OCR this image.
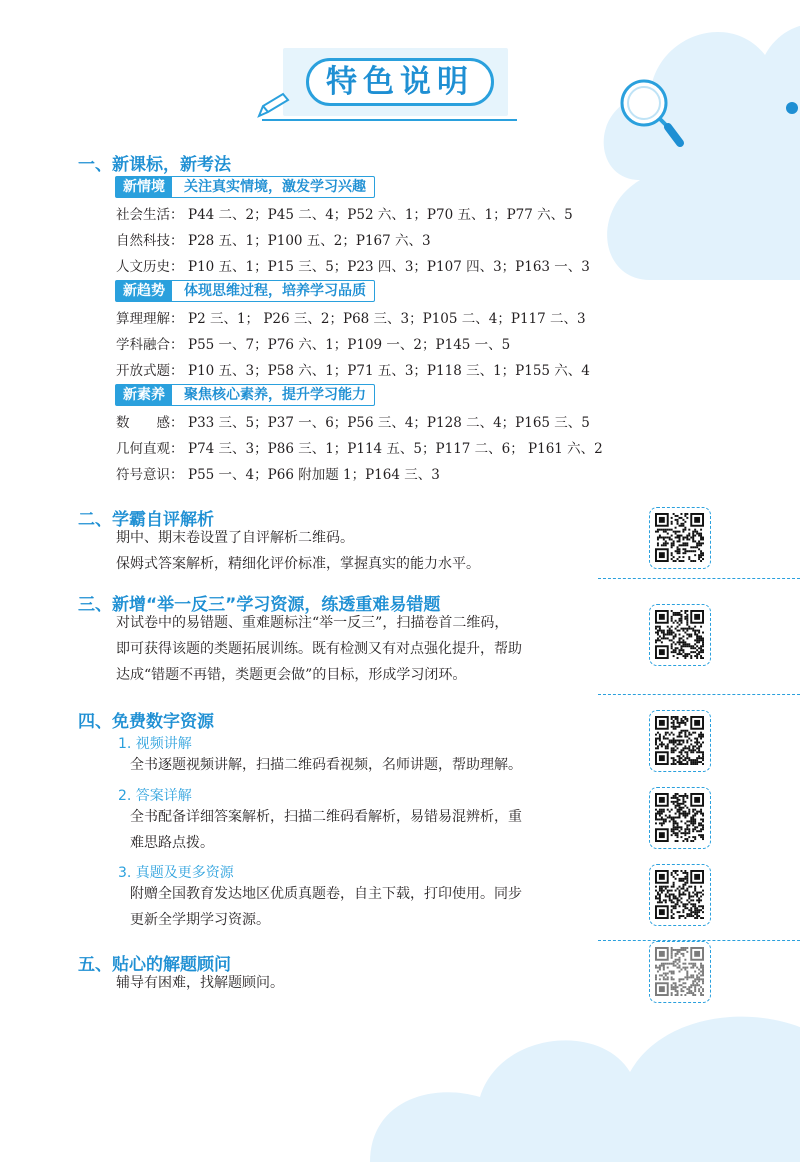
特色说明
一、新课标，新考法
新情境 关注真实情境，激发学习兴趣
社会生活： P44 二、2；P45 二、4；P52 六、1；P70 五、1；P77 六、5
自然科技： P28 五、1；P100 五、2；P167 六、3
人文历史： P10 五、1；P15 三、5；P23 四、3；P107 四、3；P163 一、3
新趋势 体现思维过程，培养学习品质
算理理解： P2 三、1； P26 三、2；P68 三、3；P105 二、4；P117 二、3
学科融合： P55 一、7；P76 六、1；P109 一、2；P145 一、5
开放式题： P10 五、3；P58 六、1；P71 五、3；P118 三、1；P155 六、4
新素养 聚焦核心素养，提升学习能力
数　　感： P33 三、5；P37 一、6；P56 三、4；P128 二、4；P165 三、5
几何直观： P74 三、3；P86 三、1；P114 五、5；P117 二、6； P161 六、2
符号意识： P55 一、4；P66 附加题 1；P164 三、3
二、学霸自评解析
期中、期末卷设置了自评解析二维码。
保姆式答案解析，精细化评价标准，掌握真实的能力水平。
三、新增“举一反三”学习资源，练透重难易错题
对试卷中的易错题、重难题标注“举一反三”，扫描卷首二维码，
即可获得该题的类题拓展训练。既有检测又有对点强化提升，帮助
达成“错题不再错，类题更会做”的目标，形成学习闭环。
四、免费数字资源
1. 视频讲解
全书逐题视频讲解，扫描二维码看视频，名师讲题，帮助理解。
2. 答案详解
全书配备详细答案解析，扫描二维码看解析，易错易混辨析，重
难思路点拨。
3. 真题及更多资源
附赠全国教育发达地区优质真题卷，自主下载，打印使用。同步
更新全学期学习资源。
五、贴心的解题顾问
辅导有困难，找解题顾问。
